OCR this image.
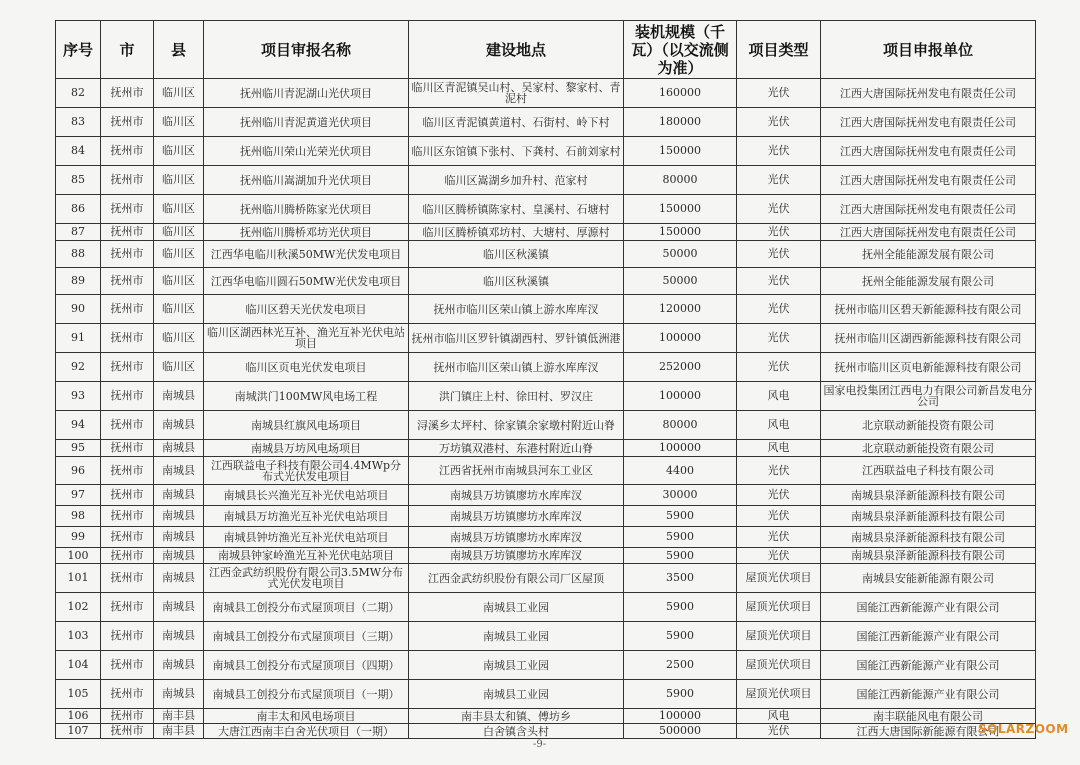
序号	市	县	项目审报名称	建设地点	装机规模（千瓦）（以交流侧为准）	项目类型	项目申报单位
82	抚州市	临川区	抚州临川青泥湖山光伏项目	临川区青泥镇吴山村、吴家村、黎家村、青泥村	160000	光伏	江西大唐国际抚州发电有限责任公司
83	抚州市	临川区	抚州临川青泥黄道光伏项目	临川区青泥镇黄道村、石街村、岭下村	180000	光伏	江西大唐国际抚州发电有限责任公司
84	抚州市	临川区	抚州临川荣山光荣光伏项目	临川区东馆镇下张村、下龚村、石前刘家村	150000	光伏	江西大唐国际抚州发电有限责任公司
85	抚州市	临川区	抚州临川嵩湖加升光伏项目	临川区嵩湖乡加升村、范家村	80000	光伏	江西大唐国际抚州发电有限责任公司
86	抚州市	临川区	抚州临川腾桥陈家光伏项目	临川区腾桥镇陈家村、皇溪村、石塘村	150000	光伏	江西大唐国际抚州发电有限责任公司
87	抚州市	临川区	抚州临川腾桥邓坊光伏项目	临川区腾桥镇邓坊村、大塘村、厚源村	150000	光伏	江西大唐国际抚州发电有限责任公司
88	抚州市	临川区	江西华电临川秋溪50MW光伏发电项目	临川区秋溪镇	50000	光伏	抚州全能能源发展有限公司
89	抚州市	临川区	江西华电临川圆石50MW光伏发电项目	临川区秋溪镇	50000	光伏	抚州全能能源发展有限公司
90	抚州市	临川区	临川区碧天光伏发电项目	抚州市临川区荣山镇上游水库库汊	120000	光伏	抚州市临川区碧天新能源科技有限公司
91	抚州市	临川区	临川区湖西林光互补、渔光互补光伏电站项目	抚州市临川区罗针镇湖西村、罗针镇低洲港	100000	光伏	抚州市临川区湖西新能源科技有限公司
92	抚州市	临川区	临川区页电光伏发电项目	抚州市临川区荣山镇上游水库库汊	252000	光伏	抚州市临川区页电新能源科技有限公司
93	抚州市	南城县	南城洪门100MW风电场工程	洪门镇庄上村、徐田村、罗汉庄	100000	风电	国家电投集团江西电力有限公司新昌发电分公司
94	抚州市	南城县	南城县红旗风电场项目	浔溪乡太坪村、徐家镇余家墩村附近山脊	80000	风电	北京联动新能投资有限公司
95	抚州市	南城县	南城县万坊风电场项目	万坊镇双港村、东港村附近山脊	100000	风电	北京联动新能投资有限公司
96	抚州市	南城县	江西联益电子科技有限公司4.4MWp分布式光伏发电项目	江西省抚州市南城县河东工业区	4400	光伏	江西联益电子科技有限公司
97	抚州市	南城县	南城县长兴渔光互补光伏电站项目	南城县万坊镇廖坊水库库汊	30000	光伏	南城县泉泽新能源科技有限公司
98	抚州市	南城县	南城县万坊渔光互补光伏电站项目	南城县万坊镇廖坊水库库汊	5900	光伏	南城县泉泽新能源科技有限公司
99	抚州市	南城县	南城县钟坊渔光互补光伏电站项目	南城县万坊镇廖坊水库库汊	5900	光伏	南城县泉泽新能源科技有限公司
100	抚州市	南城县	南城县钟家岭渔光互补光伏电站项目	南城县万坊镇廖坊水库库汊	5900	光伏	南城县泉泽新能源科技有限公司
101	抚州市	南城县	江西金武纺织股份有限公司3.5MW分布式光伏发电项目	江西金武纺织股份有限公司厂区屋顶	3500	屋顶光伏项目	南城县安能新能源有限公司
102	抚州市	南城县	南城县工创投分布式屋顶项目（二期）	南城县工业园	5900	屋顶光伏项目	国能江西新能源产业有限公司
103	抚州市	南城县	南城县工创投分布式屋顶项目（三期）	南城县工业园	5900	屋顶光伏项目	国能江西新能源产业有限公司
104	抚州市	南城县	南城县工创投分布式屋顶项目（四期）	南城县工业园	2500	屋顶光伏项目	国能江西新能源产业有限公司
105	抚州市	南城县	南城县工创投分布式屋顶项目（一期）	南城县工业园	5900	屋顶光伏项目	国能江西新能源产业有限公司
106	抚州市	南丰县	南丰太和风电场项目	南丰县太和镇、傅坊乡	100000	风电	南丰联能风电有限公司
107	抚州市	南丰县	大唐江西南丰白舍光伏项目（一期）	白舍镇含头村	500000	光伏	江西大唐国际新能源有限公司
SOLARZOOM
-9-
